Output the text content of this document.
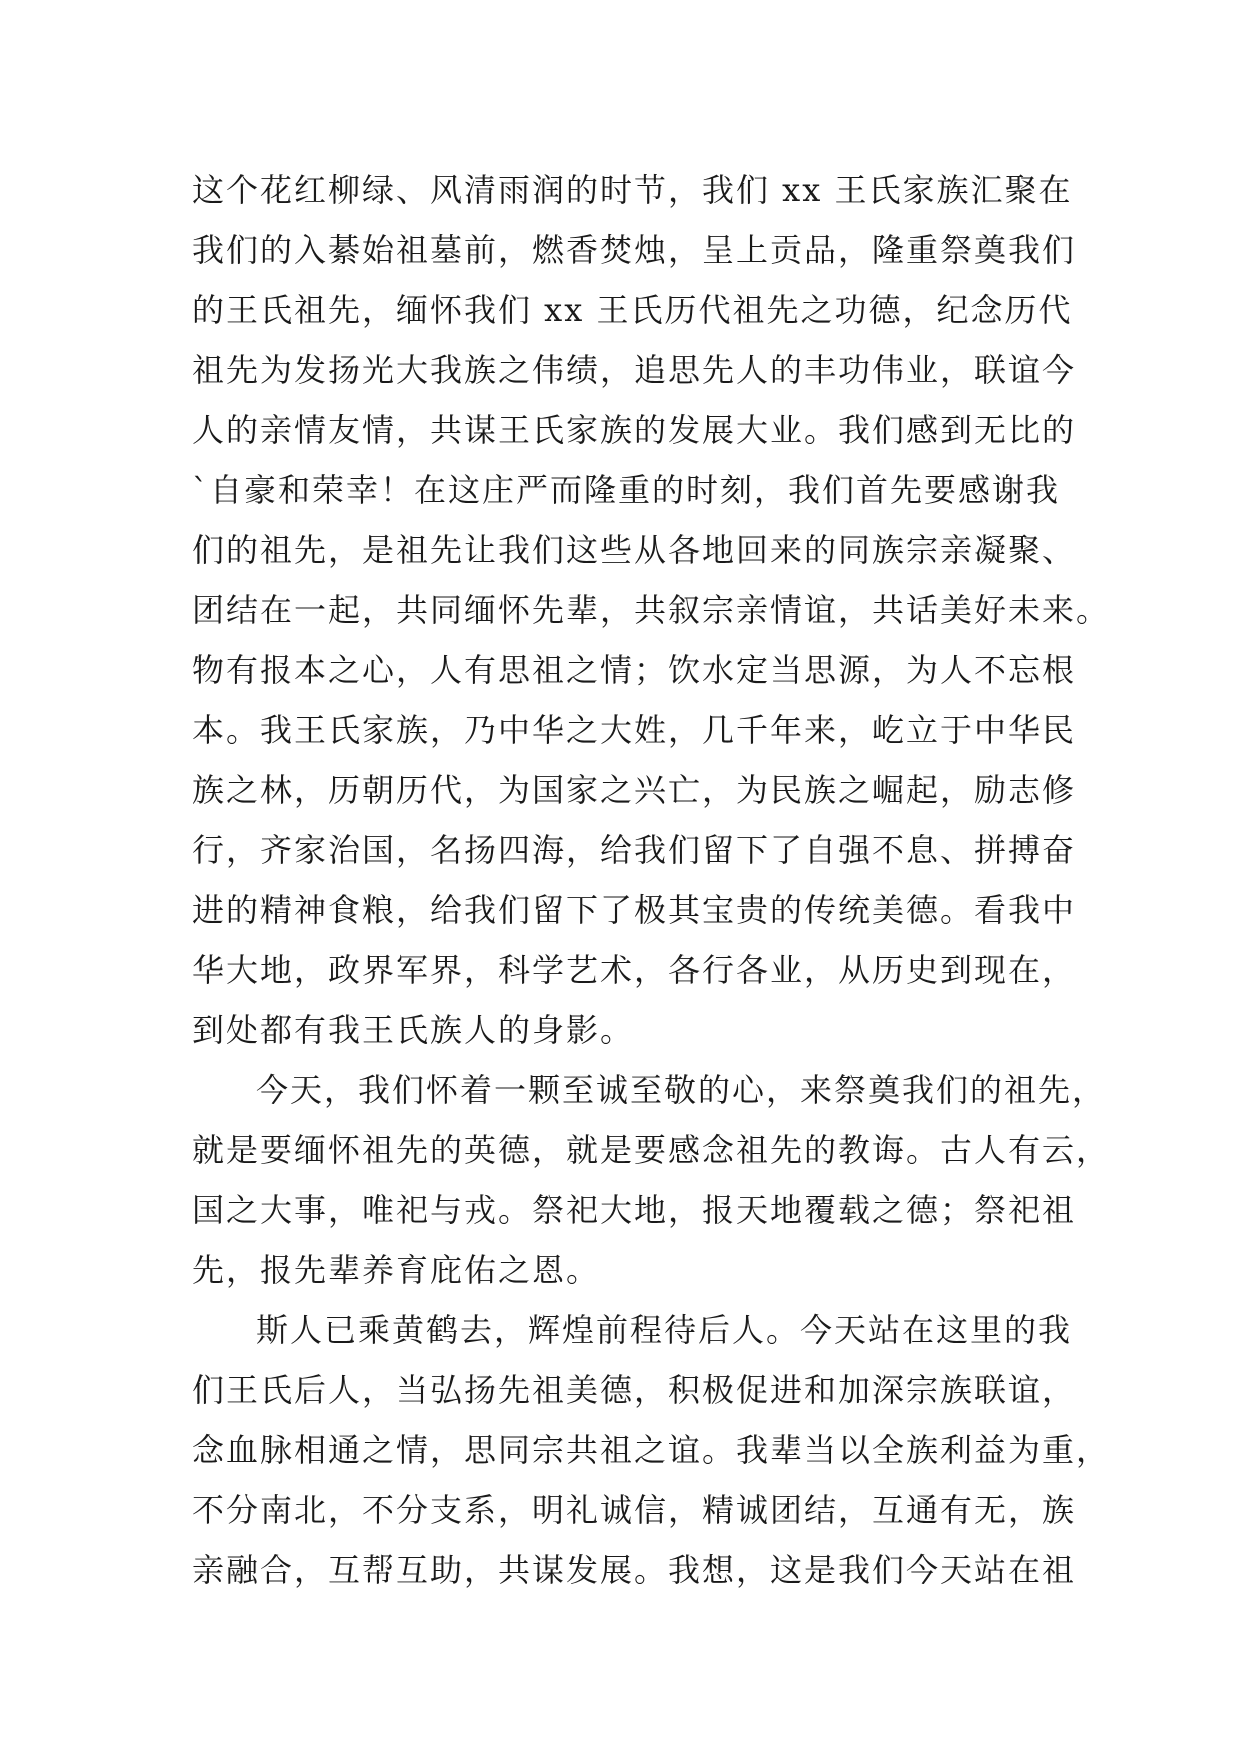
这个花红柳绿、风清雨润的时节，我们 xx 王氏家族汇聚在
我们的入綦始祖墓前，燃香焚烛，呈上贡品，隆重祭奠我们
的王氏祖先，缅怀我们 xx 王氏历代祖先之功德，纪念历代
祖先为发扬光大我族之伟绩，追思先人的丰功伟业，联谊今
人的亲情友情，共谋王氏家族的发展大业。我们感到无比的
`自豪和荣幸！在这庄严而隆重的时刻，我们首先要感谢我
们的祖先，是祖先让我们这些从各地回来的同族宗亲凝聚、
团结在一起，共同缅怀先辈，共叙宗亲情谊，共话美好未来。
物有报本之心，人有思祖之情；饮水定当思源，为人不忘根
本。我王氏家族，乃中华之大姓，几千年来，屹立于中华民
族之林，历朝历代，为国家之兴亡，为民族之崛起，励志修
行，齐家治国，名扬四海，给我们留下了自强不息、拼搏奋
进的精神食粮，给我们留下了极其宝贵的传统美德。看我中
华大地，政界军界，科学艺术，各行各业，从历史到现在，
到处都有我王氏族人的身影。
今天，我们怀着一颗至诚至敬的心，来祭奠我们的祖先，
就是要缅怀祖先的英德，就是要感念祖先的教诲。古人有云，
国之大事，唯祀与戎。祭祀大地，报天地覆载之德；祭祀祖
先，报先辈养育庇佑之恩。
斯人已乘黄鹤去，辉煌前程待后人。今天站在这里的我
们王氏后人，当弘扬先祖美德，积极促进和加深宗族联谊，
念血脉相通之情，思同宗共祖之谊。我辈当以全族利益为重，
不分南北，不分支系，明礼诚信，精诚团结，互通有无，族
亲融合，互帮互助，共谋发展。我想，这是我们今天站在祖
